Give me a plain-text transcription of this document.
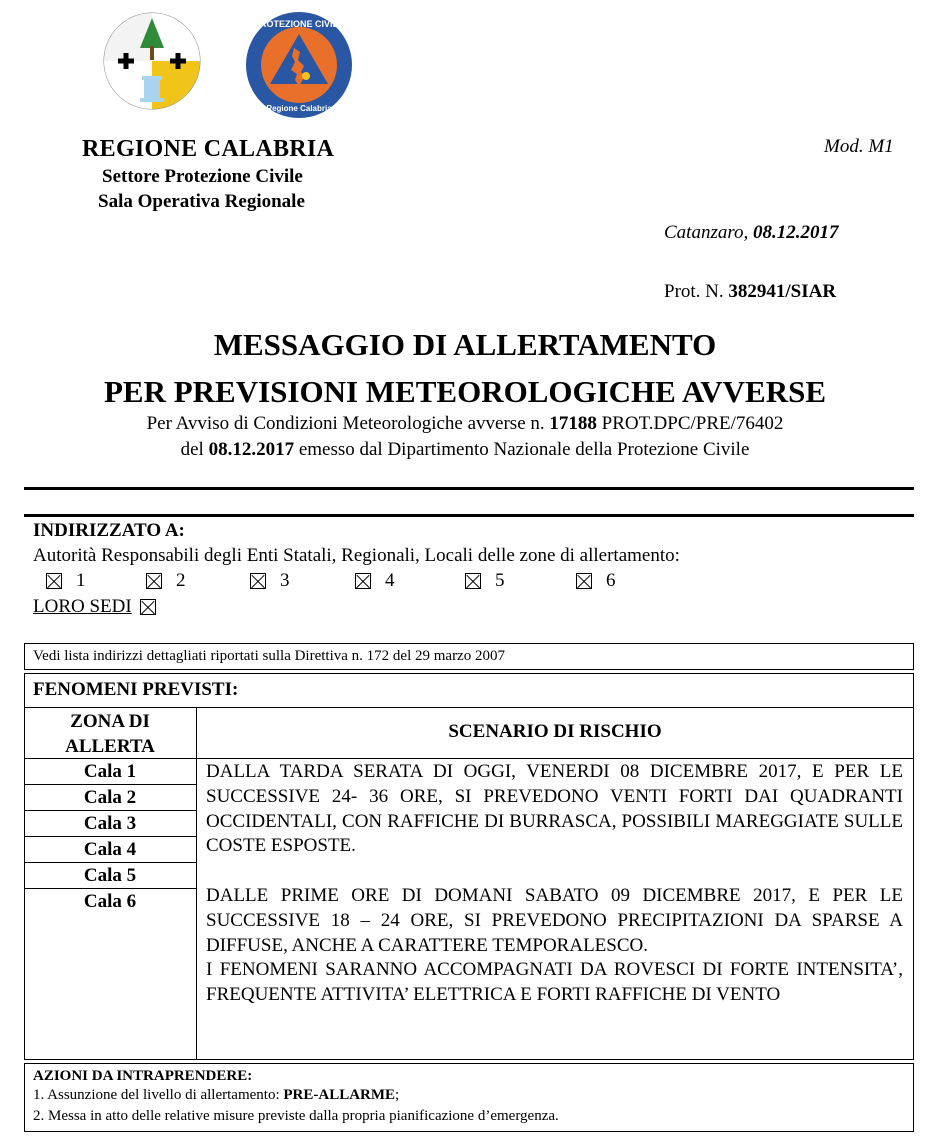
PROTEZIONE CIVILE
Regione Calabria
REGIONE CALABRIA
Settore Protezione Civile
Sala Operativa Regionale
Mod. M1
Catanzaro, 08.12.2017
Prot. N. 382941/SIAR
MESSAGGIO DI ALLERTAMENTO
PER PREVISIONI METEOROLOGICHE AVVERSE
Per Avviso di Condizioni Meteorologiche avverse n. 17188 PROT.DPC/PRE/76402
del 08.12.2017 emesso dal Dipartimento Nazionale della Protezione Civile
INDIRIZZATO A:
Autorità Responsabili degli Enti Statali, Regionali, Locali delle zone di allertamento:
1	2	3	4	5	6
LORO SEDI
Vedi lista indirizzi dettagliati riportati sulla Direttiva n. 172 del 29 marzo 2007
FENOMENI PREVISTI:
ZONA DI
ALLERTA
SCENARIO DI RISCHIO
Cala 1
Cala 2
Cala 3
Cala 4
Cala 5
Cala 6

DALLA TARDA SERATA DI OGGI, VENERDI 08 DICEMBRE 2017, E PER LE SUCCESSIVE 24- 36 ORE, SI PREVEDONO VENTI FORTI DAI QUADRANTI OCCIDENTALI, CON RAFFICHE DI BURRASCA, POSSIBILI MAREGGIATE SULLE COSTE ESPOSTE.

DALLE PRIME ORE DI DOMANI SABATO 09 DICEMBRE 2017, E PER LE SUCCESSIVE 18 – 24 ORE, SI PREVEDONO PRECIPITAZIONI DA SPARSE A DIFFUSE, ANCHE A CARATTERE TEMPORALESCO.

I FENOMENI SARANNO ACCOMPAGNATI DA ROVESCI DI FORTE INTENSITA’, FREQUENTE ATTIVITA’ ELETTRICA E FORTI RAFFICHE DI VENTO

AZIONI DA INTRAPRENDERE:
1. Assunzione del livello di allertamento: PRE-ALLARME;
2. Messa in atto delle relative misure previste dalla propria pianificazione d’emergenza.
